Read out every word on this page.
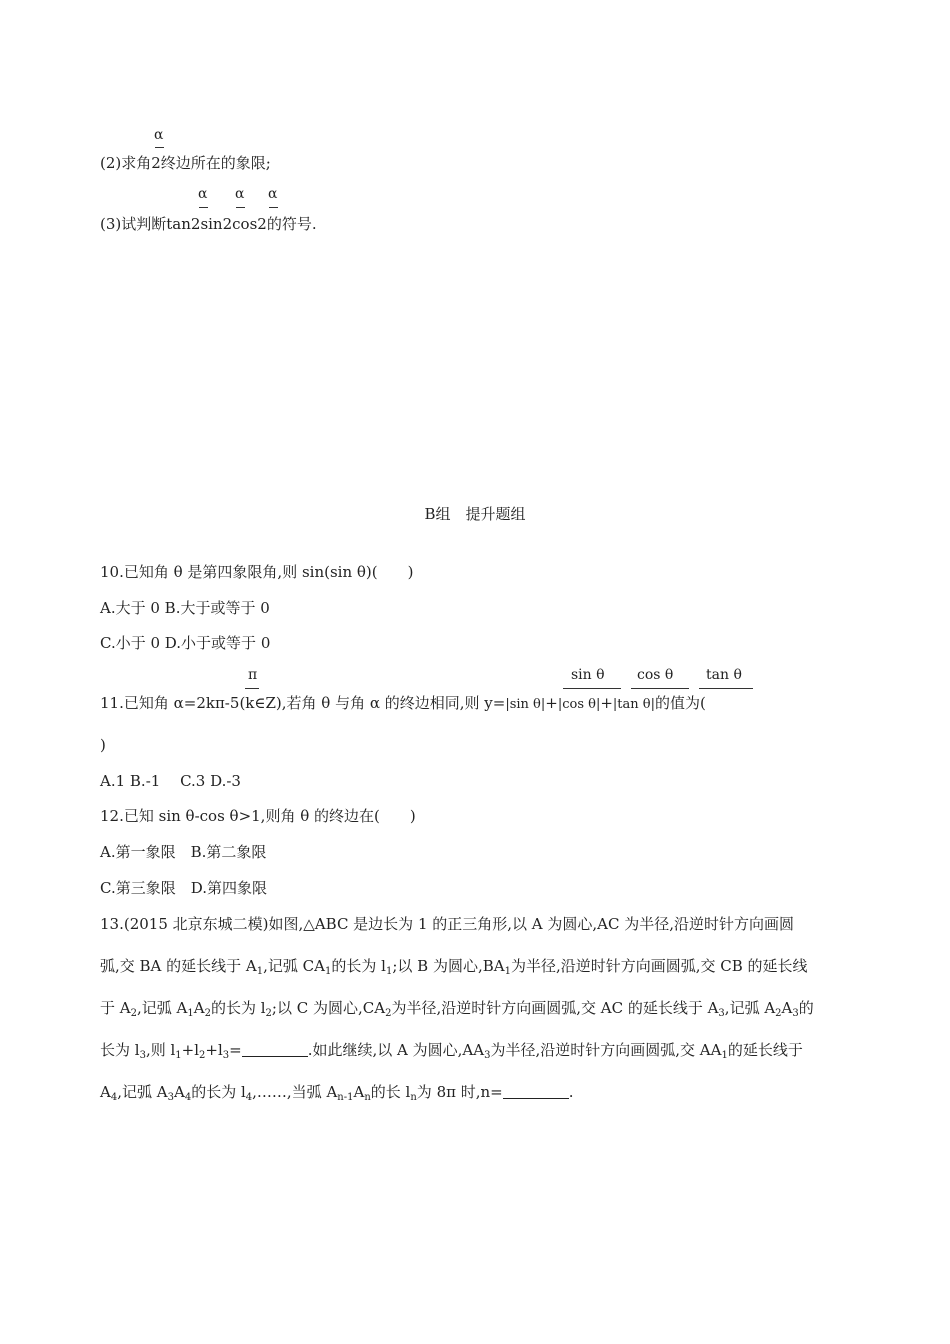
α
(2)求角2终边所在的象限;
α α α
(3)试判断tan2sin2cos2的符号.
B组　提升题组
10.已知角 θ 是第四象限角,则 sin(sin θ)(　　)
A.大于 0 B.大于或等于 0
C.小于 0 D.小于或等于 0
π	sin θ cos θ tan θ
11.已知角 α=2kπ-5(k∈Z),若角 θ 与角 α 的终边相同,则 y=|sin θ|+|cos θ|+|tan θ|的值为(
)
A.1 B.-1　 C.3 D.-3
12.已知 sin θ-cos θ>1,则角 θ 的终边在(　　)
A.第一象限　B.第二象限
C.第三象限　D.第四象限
13.(2015 北京东城二模)如图,△ABC 是边长为 1 的正三角形,以 A 为圆心,AC 为半径,沿逆时针方向画圆
弧,交 BA 的延长线于 $A_1$,记弧 $CA_1$的长为 $l_1$;以 B 为圆心$,BA_1$为半径,沿逆时针方向画圆弧,交 CB 的延长线
于 $A_2$,记弧 $A_1A_2$的长为 $l_2$;以 C 为圆心$,CA_2$为半径,沿逆时针方向画圆弧,交 AC 的延长线于 $A_3$,记弧 $A_2A_3$的
长为 $l_3$,则 $l_1+l_2+l_3=$	.如此继续,以 A 为圆心$,AA_3$为半径,沿逆时针方向画圆弧,交 $AA_1$的延长线于
$A_4$,记弧 $A_3A_4$的长为 $l_4,\dots\dots$,当弧 $A_{n-1}A_n$的长 $l_n$为 8π 时,n=	.
